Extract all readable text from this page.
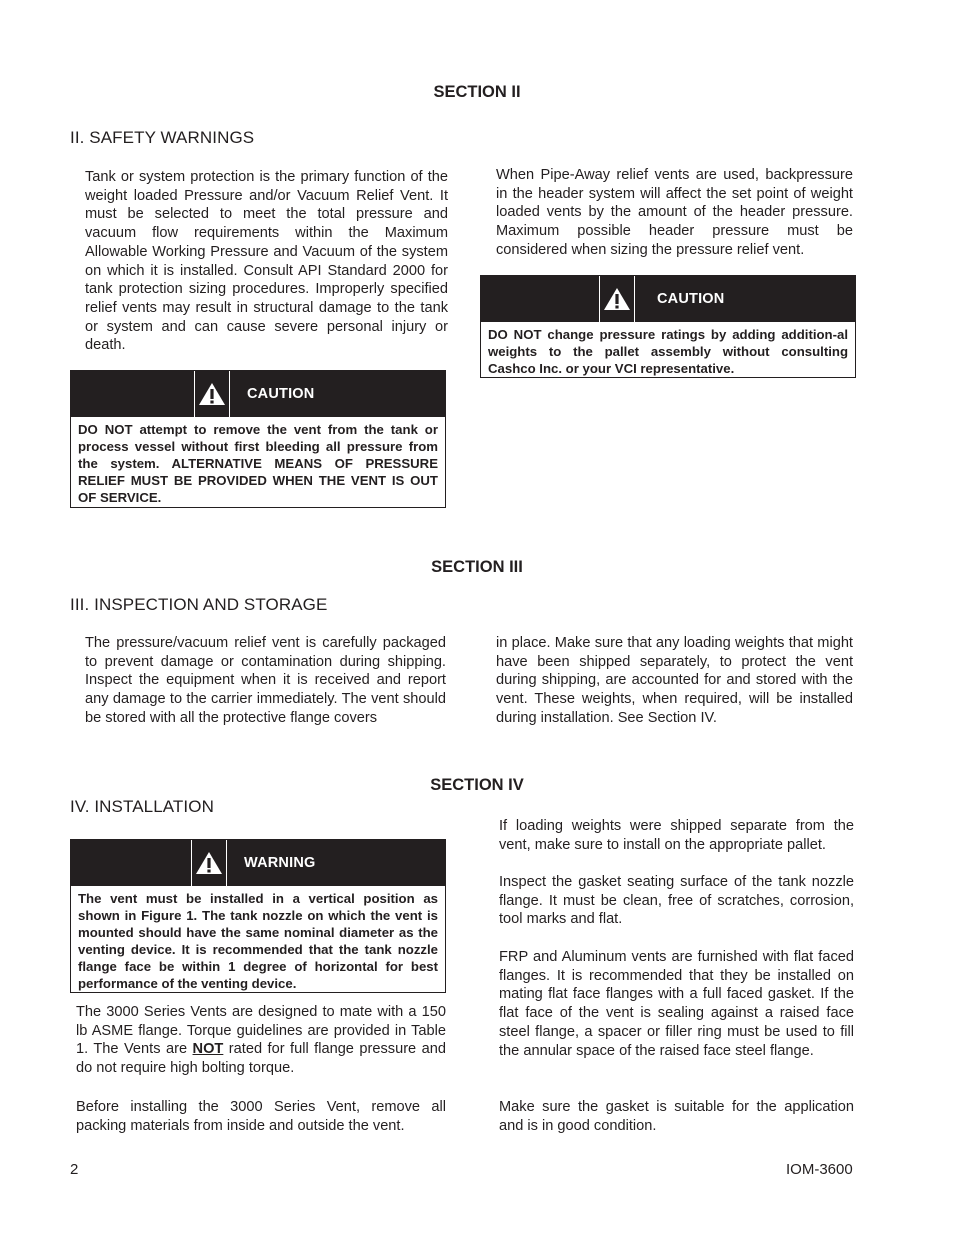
SECTION II
II. SAFETY WARNINGS
Tank or system protection is the primary function of the weight loaded Pressure and/or Vacuum Relief Vent. It must be selected to meet the total pressure and vacuum flow requirements within the Maximum Allowable Working Pressure and Vacuum of the system on which it is installed. Consult API Standard 2000 for tank protection sizing procedures. Improperly specified relief vents may result in structural damage to the tank or system and can cause severe personal injury or death.
When Pipe-Away relief vents are used, backpressure in the header system will affect the set point of weight loaded vents by the amount of the header pressure. Maximum possible header pressure must be considered when sizing the pressure relief vent.
CAUTION
DO NOT attempt to remove the vent from the tank or process vessel without first bleeding all pressure from the system. ALTERNATIVE MEANS OF PRESSURE RELIEF MUST BE PROVIDED WHEN THE VENT IS OUT OF SERVICE.
CAUTION
DO NOT change pressure ratings by adding addition-al weights to the pallet assembly without consulting Cashco Inc. or your VCI representative.
SECTION III
III. INSPECTION AND STORAGE
The pressure/vacuum relief vent is carefully packaged to prevent damage or contamination during shipping. Inspect the equipment when it is received and report any damage to the carrier immediately. The vent should be stored with all the protective flange covers
in place. Make sure that any loading weights that might have been shipped separately, to protect the vent during shipping, are accounted for and stored with the vent. These weights, when required, will be installed during installation. See Section IV.
SECTION IV
IV. INSTALLATION
WARNING
The vent must be installed in a vertical position as shown in Figure 1. The tank nozzle on which the vent is mounted should have the same nominal diameter as the venting device. It is recommended that the tank nozzle flange face be within 1 degree of horizontal for best performance of the venting device.
The 3000 Series Vents are designed to mate with a 150 lb ASME flange. Torque guidelines are provided in Table 1. The Vents are NOT rated for full flange pressure and do not require high bolting torque.
Before installing the 3000 Series Vent, remove all packing materials from inside and outside the vent.
If loading weights were shipped separate from the vent, make sure to install on the appropriate pallet.
Inspect the gasket seating surface of the tank nozzle flange. It must be clean, free of scratches, corrosion, tool marks and flat.
FRP and Aluminum vents are furnished with flat faced flanges. It is recommended that they be installed on mating flat face flanges with a full faced gasket. If the flat face of the vent is sealing against a raised face steel flange, a spacer or filler ring must be used to fill the annular space of the raised face steel flange.
Make sure the gasket is suitable for the application and is in good condition.
2	IOM-3600
